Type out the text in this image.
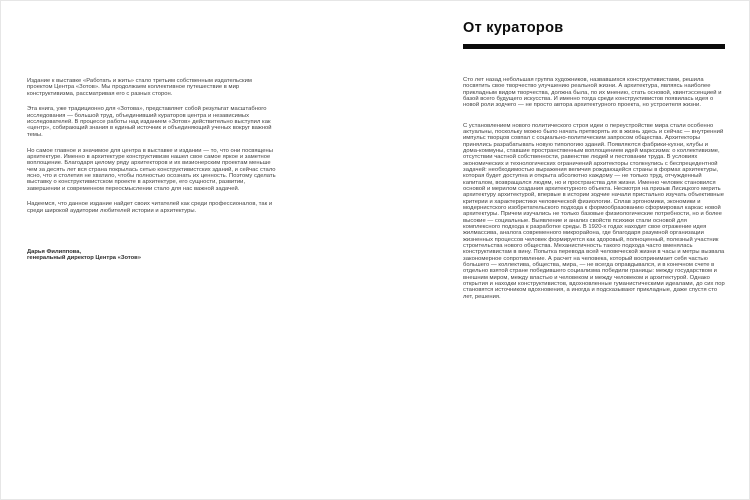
Издание к выставке «Работать и жить» стало третьим собственным издательским проектом Центра «Зотов». Мы продолжаем коллективное путешествие в мир конструктивизма, рассматривая его с разных сторон.

Эта книга, уже традиционно для «Зотова», представляет собой результат масштабного исследования — большой труд, объединивший кураторов центра и независимых исследователей. В процессе работы над изданием «Зотов» действительно выступил как «центр», собирающий знания в единый источник и объединяющий ученых вокруг важной темы.

Но самое главное и значимое для центра в выставке и издании — то, что они посвящены архитектуре. Именно в архитектуре конструктивизм нашел свое самое яркое и заметное воплощение. Благодаря целому ряду архитекторов и их визионерским проектам меньше чем за десять лет вся страна покрылась сетью конструктивистских зданий, и сейчас стало ясно, что и столетия не хватило, чтобы полностью осознать их ценность. Поэтому сделать выставку о конструктивистском проекте в архитектуре, его сущности, развитии, завершении и современном переосмыслении стало для нас важной задачей.

Надеемся, что данное издание найдет своих читателей как среди профессионалов, так и среди широкой аудитории любителей истории и архитектуры.

Дарья Филиппова,

генеральный директор Центра «Зотов»

От кураторов

Сто лет назад небольшая группа художников, назвавшихся конструктивистами, решила посвятить свое творчество улучшению реальной жизни. А архитектура, являясь наиболее прикладным видом творчества, должна была, по их мнению, стать основой, квинтэссенцией и базой всего будущего искусства. И именно тогда среди конструктивистов появилась идея о новой роли зодчего — не просто автора архитектурного проекта, но устроителя жизни.

С установлением нового политического строя идеи о переустройстве мира стали особенно актуальны, поскольку можно было начать претворять их в жизнь здесь и сейчас — внутренний импульс творцов совпал с социально-политическим запросом общества. Архитекторы принялись разрабатывать новую типологию зданий. Появляются фабрики-кухни, клубы и дома-коммуны, ставшие пространственным воплощением идей марксизма: о коллективизме, отсутствии частной собственности, равенстве людей и пестовании труда. В условиях экономических и технологических ограничений архитекторы столкнулись с беспрецедентной задачей: необходимостью выражения величия рождающейся страны в формах архитектуры, которая будет доступна и открыта абсолютно каждому — не только труд, отчужденный капиталом, возвращался людям, но и пространства для жизни. Именно человек становился основой и мерилом создания архитектурного объекта. Несмотря на призыв Лисицкого мерить архитектуру архитектурой, впервые в истории зодчие начали пристально изучать объективные критерии и характеристики человеческой физиологии. Сплав эргономики, экономики и модернистского изобретательского подхода к формообразованию сформировал каркас новой архитектуры. Причем изучались не только базовые физиологические потребности, но и более высокие — социальные. Выявление и анализ свойств психики стали основой для комплексного подхода к разработке среды. В 1920-х годах находит свое отражение идея жилмассива, аналога современного микрорайона, где благодаря разумной организации жизненных процессов человек формируется как здоровый, полноценный, полезный участник строительства нового общества. Механистичность такого подхода часто вменялась конструктивистам в вину. Попытка перевода всей человеческой жизни в часы и метры вызвала закономерное сопротивление. А расчет на человека, который воспринимает себя частью большего — коллектива, общества, мира, — не всегда оправдывался, и в конечном счете в отдельно взятой стране победившего социализма победили границы: между государством и внешним миром, между властью и человеком и между человеком и архитектурой. Однако открытия и находки конструктивистов, вдохновленные гуманистическими идеалами, до сих пор становятся источником вдохновения, а иногда и подсказывают прикладные, даже спустя сто лет, решения.
